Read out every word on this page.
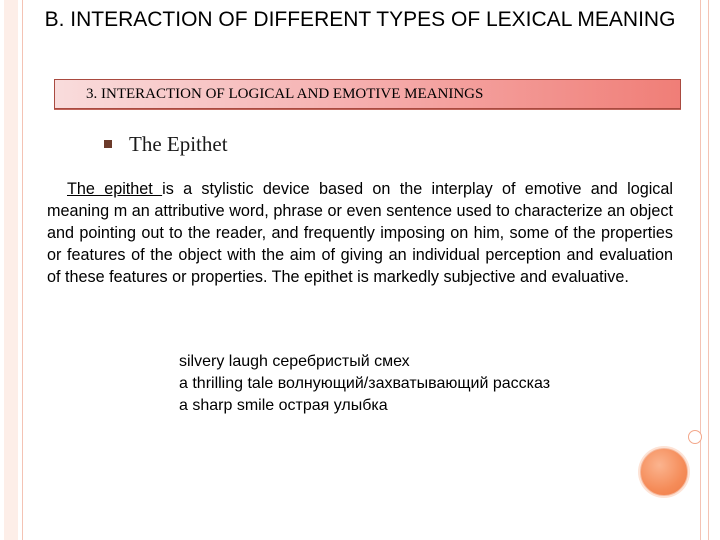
B. INTERACTION OF DIFFERENT TYPES OF LEXICAL MEANING
3. INTERACTION OF LOGICAL AND EMOTIVE MEANINGS
The Epithet
The epithet is a stylistic device based on the interplay of emotive and logical meaning m an attributive word, phrase or even sentence used to characterize an object and pointing out to the reader, and frequently imposing on him, some of the properties or features of the object with the aim of giving an individual perception and evaluation of these features or properties. The epithet is markedly subjective and evaluative.
silvery laugh серебристый смех
a thrilling tale волнующий/захватывающий рассказ
a sharp smile острая улыбка
